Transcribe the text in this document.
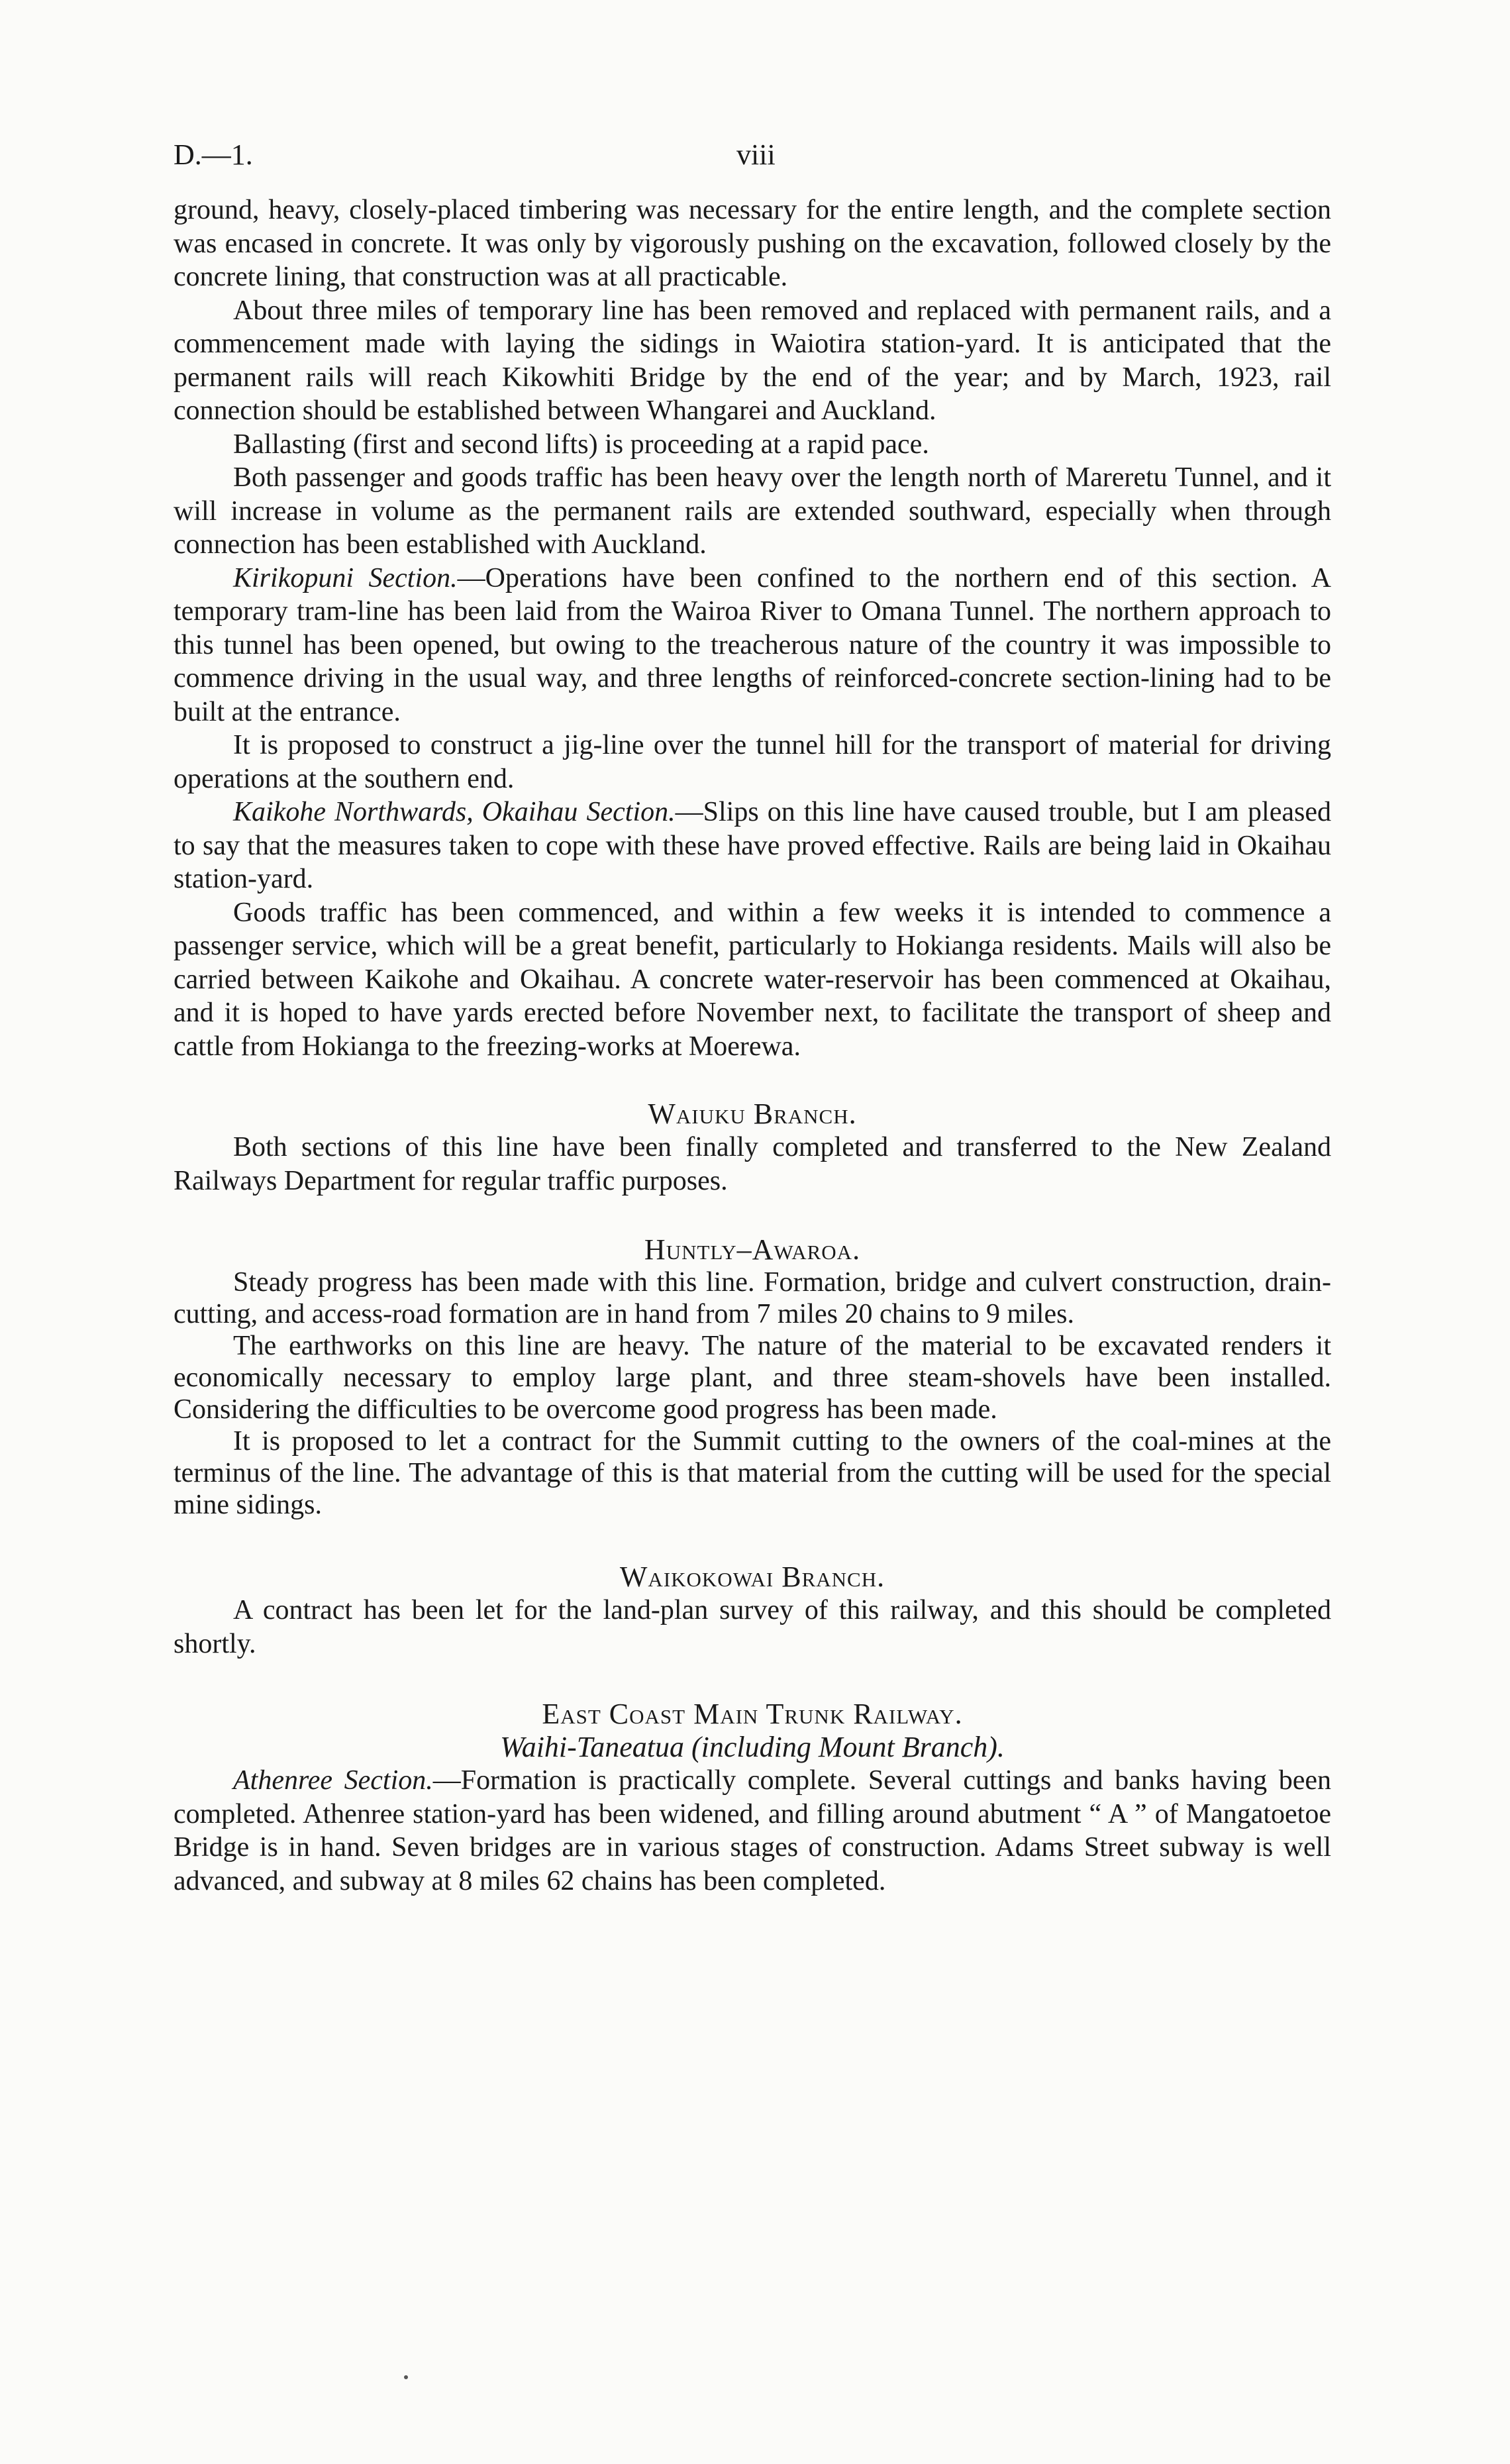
D.—1.	viii

ground, heavy, closely-placed timbering was necessary for the entire length, and the complete section was encased in concrete. It was only by vigorously pushing on the excavation, followed closely by the concrete lining, that construction was at all practicable.

About three miles of temporary line has been removed and replaced with permanent rails, and a commencement made with laying the sidings in Waiotira station-yard. It is anticipated that the permanent rails will reach Kikowhiti Bridge by the end of the year; and by March, 1923, rail connection should be established between Whangarei and Auckland.

Ballasting (first and second lifts) is proceeding at a rapid pace.

Both passenger and goods traffic has been heavy over the length north of Mareretu Tunnel, and it will increase in volume as the permanent rails are extended southward, especially when through connection has been established with Auckland.

Kirikopuni Section.—Operations have been confined to the northern end of this section. A temporary tram-line has been laid from the Wairoa River to Omana Tunnel. The northern approach to this tunnel has been opened, but owing to the treacherous nature of the country it was impossible to commence driving in the usual way, and three lengths of reinforced-concrete section-lining had to be built at the entrance.

It is proposed to construct a jig-line over the tunnel hill for the transport of material for driving operations at the southern end.

Kaikohe Northwards, Okaihau Section.—Slips on this line have caused trouble, but I am pleased to say that the measures taken to cope with these have proved effective. Rails are being laid in Okaihau station-yard.

Goods traffic has been commenced, and within a few weeks it is intended to commence a passenger service, which will be a great benefit, particularly to Hokianga residents. Mails will also be carried between Kaikohe and Okaihau. A concrete water-reservoir has been commenced at Okaihau, and it is hoped to have yards erected before November next, to facilitate the transport of sheep and cattle from Hokianga to the freezing-works at Moerewa.

Waiuku Branch.

Both sections of this line have been finally completed and transferred to the New Zealand Railways Department for regular traffic purposes.

Huntly–Awaroa.

Steady progress has been made with this line. Formation, bridge and culvert construction, drain-cutting, and access-road formation are in hand from 7 miles 20 chains to 9 miles.

The earthworks on this line are heavy. The nature of the material to be excavated renders it economically necessary to employ large plant, and three steam-shovels have been installed. Considering the difficulties to be overcome good progress has been made.

It is proposed to let a contract for the Summit cutting to the owners of the coal-mines at the terminus of the line. The advantage of this is that material from the cutting will be used for the special mine sidings.

Waikokowai Branch.

A contract has been let for the land-plan survey of this railway, and this should be completed shortly.

East Coast Main Trunk Railway.
Waihi-Taneatua (including Mount Branch).

Athenree Section.—Formation is practically complete. Several cuttings and banks having been completed. Athenree station-yard has been widened, and filling around abutment “ A ” of Mangatoetoe Bridge is in hand. Seven bridges are in various stages of construction. Adams Street subway is well advanced, and subway at 8 miles 62 chains has been completed.
